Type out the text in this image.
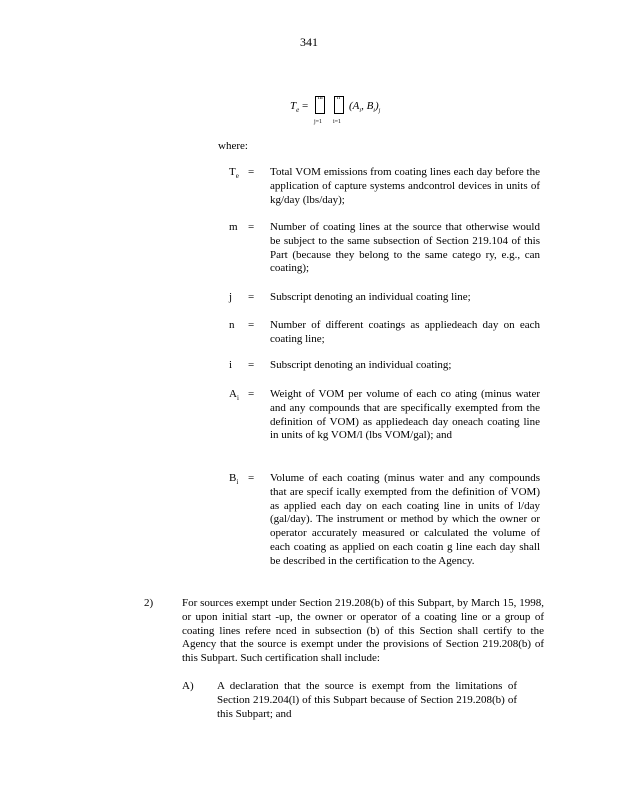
341
$T_e$ =
m
j=1
n
i=1
($A_i$, $B_i)_j$
where:
$T_e$ = Total VOM emissions from coating lines each day before the application of capture systems andcontrol devices in units of kg/day (lbs/day);
m = Number of coating lines at the source that otherwise would be subject to the same subsection of Section 219.104 of this Part (because they belong to the same catego ry, e.g., can coating);
j	= Subscript denoting an individual coating line;
n	= Number of different coatings as appliedeach day on each coating line;
i	= Subscript denoting an individual coating;
$A_i$ = Weight of VOM per volume of each co ating (minus water and any compounds that are specifically exempted from the definition of VOM) as appliedeach day oneach coating line in units of kg VOM/l (lbs VOM/gal); and
$B_i$ = Volume of each coating (minus water and any compounds that are specif ically exempted from the definition of VOM) as applied each day on each coating line in units of l/day (gal/day). The instrument or method by which the owner or operator accurately measured or calculated the volume of each coating as applied on each coatin g line each day shall be described in the certification to the Agency.
2)	For sources exempt under Section 219.208(b) of this Subpart, by March 15, 1998, or upon initial start -up, the owner or operator of a coating line or a group of coating lines refere nced in subsection (b) of this Section shall certify to the Agency that the source is exempt under the provisions of Section 219.208(b) of this Subpart. Such certification shall include:
A) A declaration that the source is exempt from the limitations of Section 219.204(l) of this Subpart because of Section 219.208(b) of this Subpart; and
